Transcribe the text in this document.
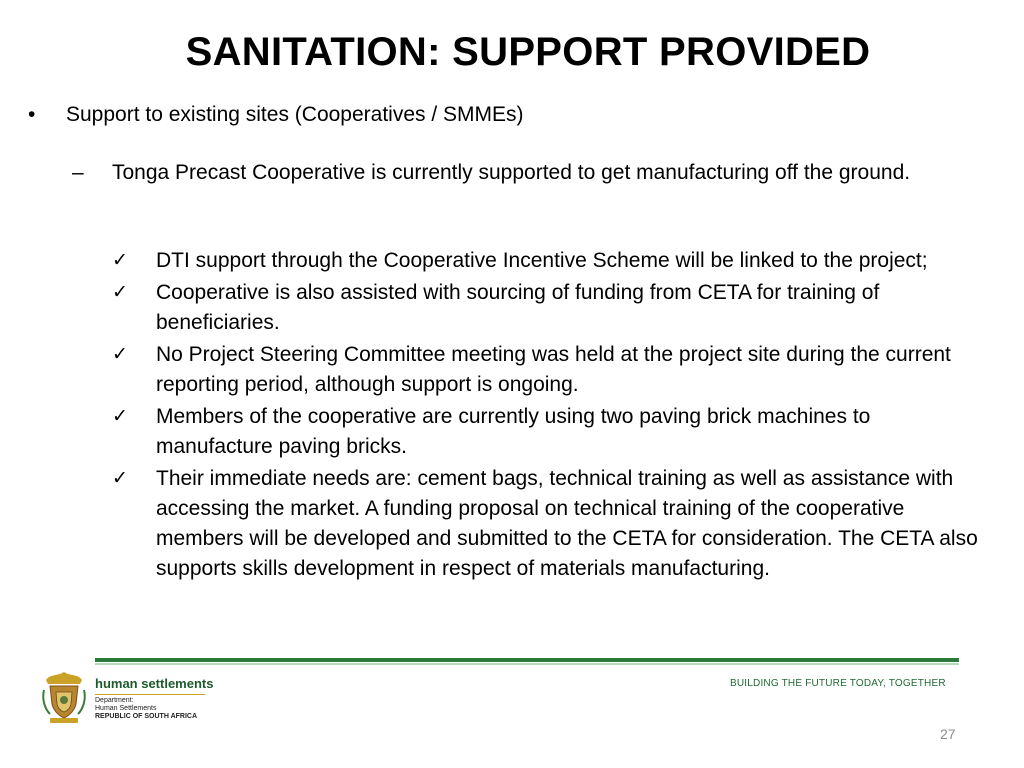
SANITATION: SUPPORT PROVIDED
• Support to existing sites (Cooperatives / SMMEs)
– Tonga Precast Cooperative is currently supported to get manufacturing off the ground.
✓ DTI support through the Cooperative Incentive Scheme will be linked to the project;
✓ Cooperative is also assisted with sourcing of funding from CETA for training of beneficiaries.
✓ No Project Steering Committee meeting was held at the project site during the current reporting period, although support is ongoing.
✓ Members of the cooperative are currently using two paving brick machines to manufacture paving bricks.
✓ Their immediate needs are: cement bags, technical training as well as assistance with accessing the market. A funding proposal on technical training of the cooperative members will be developed and submitted to the CETA for consideration. The CETA also supports skills development in respect of materials manufacturing.
human settlements
Department:
Human Settlements
REPUBLIC OF SOUTH AFRICA
BUILDING THE FUTURE TODAY, TOGETHER
27
